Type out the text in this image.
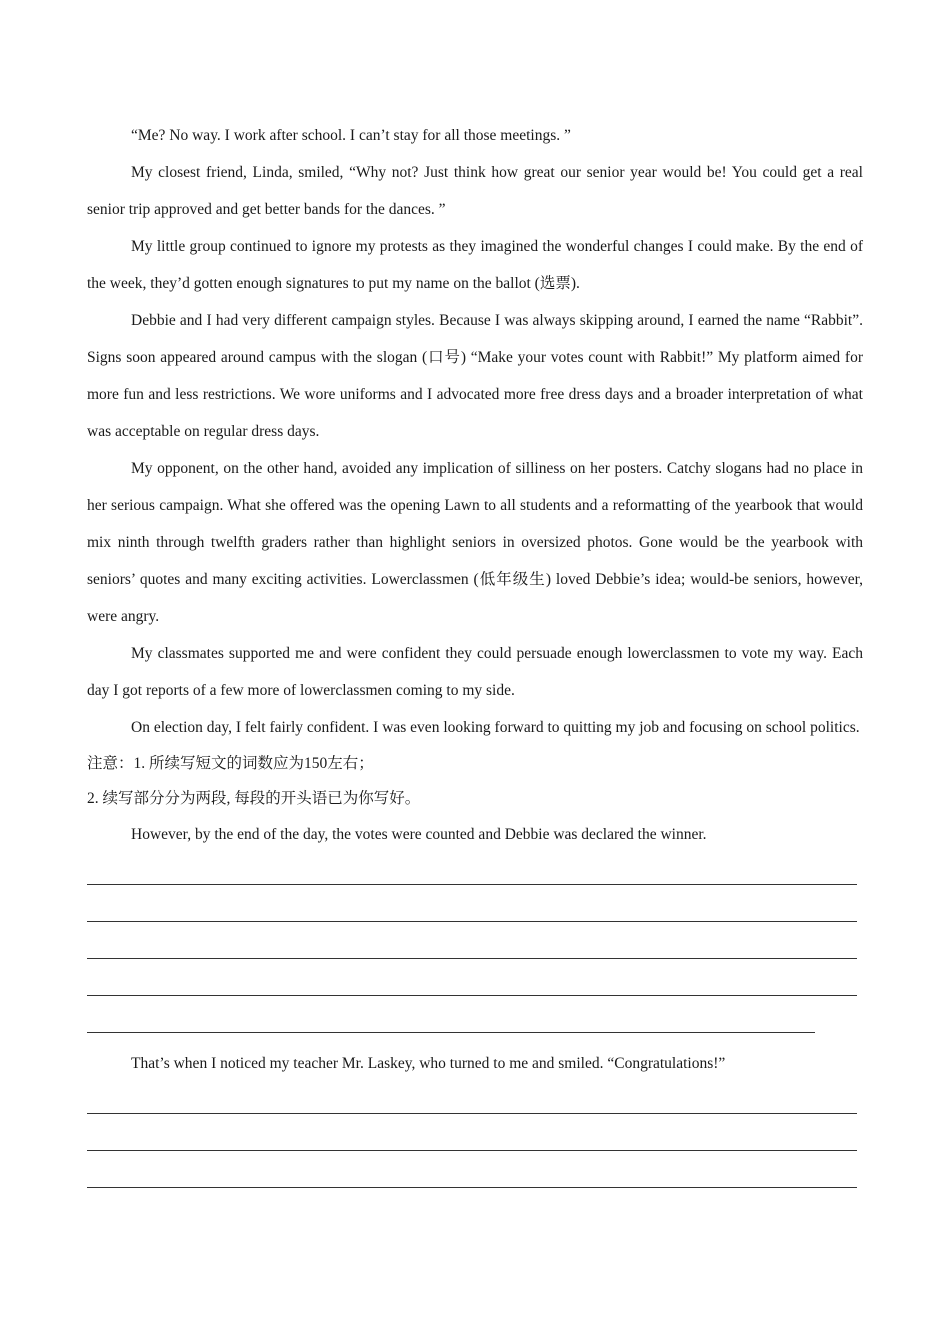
“Me? No way. I work after school. I can’t stay for all those meetings. ”

My closest friend, Linda, smiled, “Why not? Just think how great our senior year would be! You could get a real senior trip approved and get better bands for the dances. ”

My little group continued to ignore my protests as they imagined the wonderful changes I could make. By the end of the week, they’d gotten enough signatures to put my name on the ballot (选票).

Debbie and I had very different campaign styles. Because I was always skipping around, I earned the name “Rabbit”. Signs soon appeared around campus with the slogan (口号) “Make your votes count with Rabbit!” My platform aimed for more fun and less restrictions. We wore uniforms and I advocated more free dress days and a broader interpretation of what was acceptable on regular dress days.

My opponent, on the other hand, avoided any implication of silliness on her posters. Catchy slogans had no place in her serious campaign. What she offered was the opening Lawn to all students and a reformatting of the yearbook that would mix ninth through twelfth graders rather than highlight seniors in oversized photos. Gone would be the yearbook with seniors’ quotes and many exciting activities. Lowerclassmen (低年级生) loved Debbie’s idea; would-be seniors, however, were angry.

My classmates supported me and were confident they could persuade enough lowerclassmen to vote my way. Each day I got reports of a few more of lowerclassmen coming to my side.

On election day, I felt fairly confident. I was even looking forward to quitting my job and focusing on school politics.

注意：1. 所续写短文的词数应为150左右；

2. 续写部分分为两段, 每段的开头语已为你写好。

However, by the end of the day, the votes were counted and Debbie was declared the winner.

That’s when I noticed my teacher Mr. Laskey, who turned to me and smiled. “Congratulations!”
